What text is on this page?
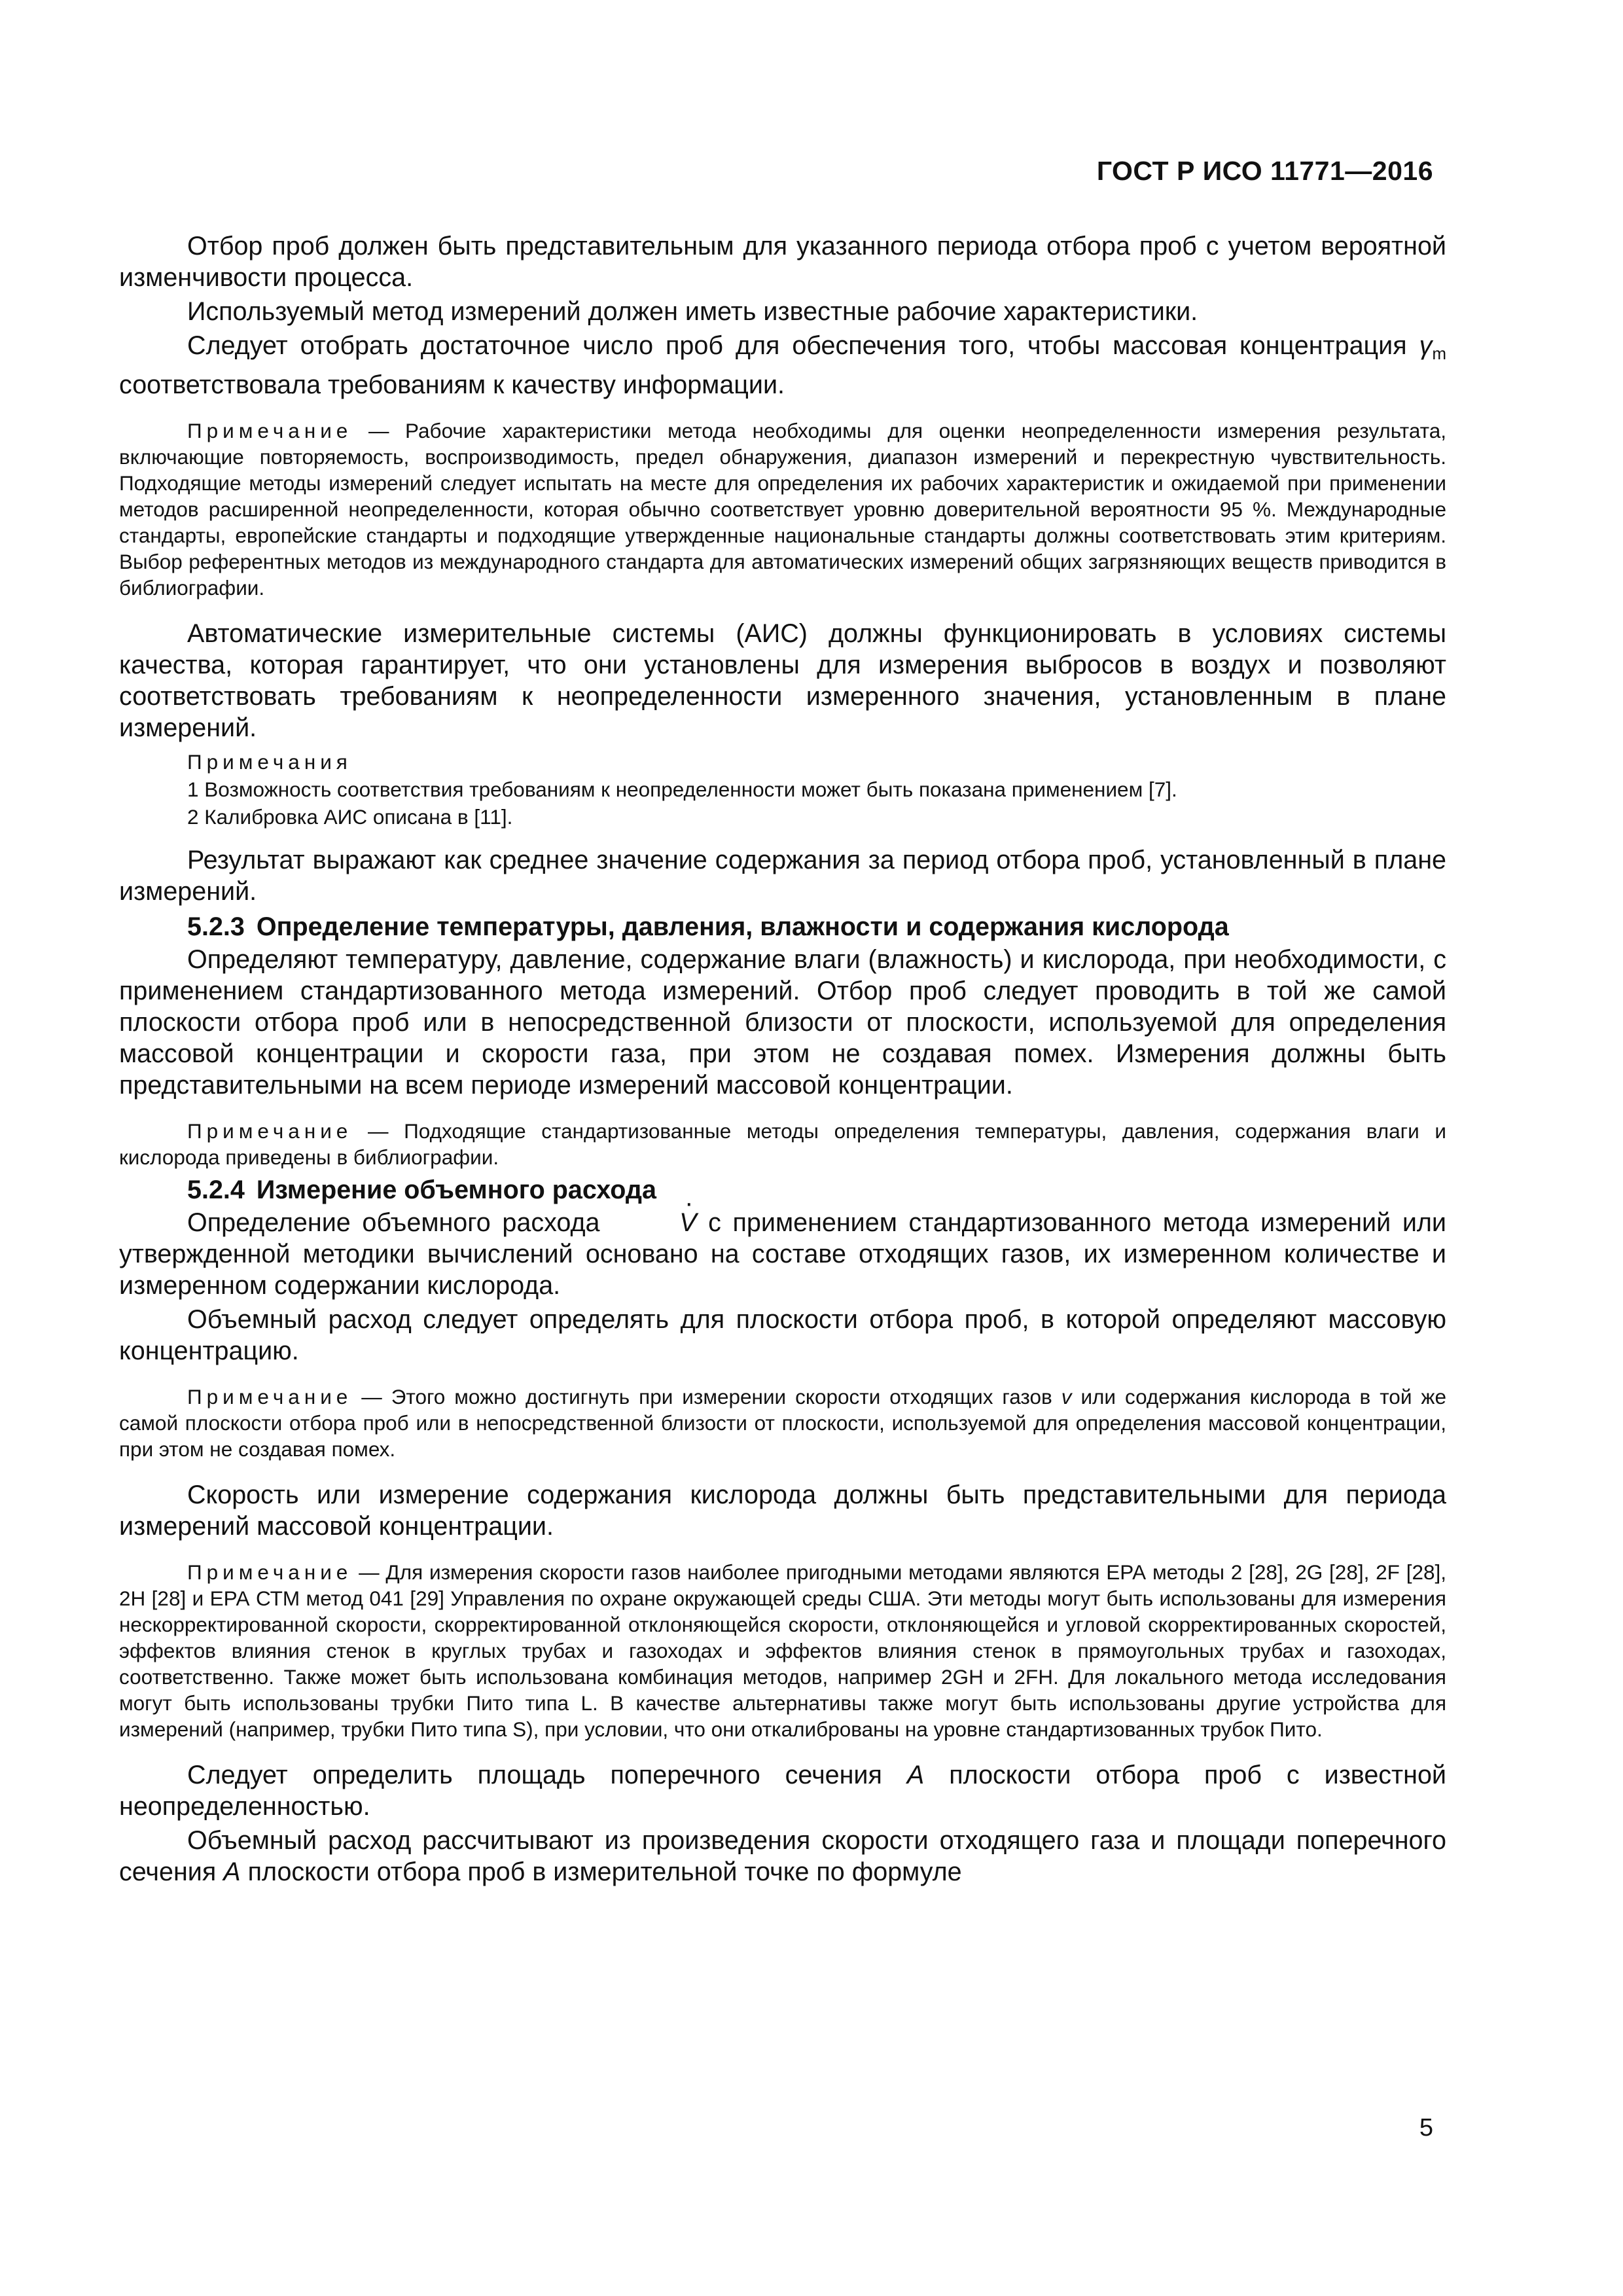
ГОСТ Р ИСО 11771—2016

Отбор проб должен быть представительным для указанного периода отбора проб с учетом вероятной изменчивости процесса.

Используемый метод измерений должен иметь известные рабочие характеристики.

Следует отобрать достаточное число проб для обеспечения того, чтобы массовая концентрация $\gamma_m$ соответствовала требованиям к качеству информации.

Примечание — Рабочие характеристики метода необходимы для оценки неопределенности измерения результата, включающие повторяемость, воспроизводимость, предел обнаружения, диапазон измерений и перекрестную чувствительность. Подходящие методы измерений следует испытать на месте для определения их рабочих характеристик и ожидаемой при применении методов расширенной неопределенности, которая обычно соответствует уровню доверительной вероятности 95 %. Международные стандарты, европейские стандарты и подходящие утвержденные национальные стандарты должны соответствовать этим критериям. Выбор референтных методов из международного стандарта для автоматических измерений общих загрязняющих веществ приводится в библиографии.

Автоматические измерительные системы (АИС) должны функционировать в условиях системы качества, которая гарантирует, что они установлены для измерения выбросов в воздух и позволяют соответствовать требованиям к неопределенности измеренного значения, установленным в плане измерений.

Примечания
1 Возможность соответствия требованиям к неопределенности может быть показана применением [7].
2 Калибровка АИС описана в [11].

Результат выражают как среднее значение содержания за период отбора проб, установленный в плане измерений.

5.2.3 Определение температуры, давления, влажности и содержания кислорода

Определяют температуру, давление, содержание влаги (влажность) и кислорода, при необходимости, с применением стандартизованного метода измерений. Отбор проб следует проводить в той же самой плоскости отбора проб или в непосредственной близости от плоскости, используемой для определения массовой концентрации и скорости газа, при этом не создавая помех. Измерения должны быть представительными на всем периоде измерений массовой концентрации.

Примечание — Подходящие стандартизованные методы определения температуры, давления, содержания влаги и кислорода приведены в библиографии.

5.2.4 Измерение объемного расхода

Определение объемного расхода ·	V с применением стандартизованного метода измерений или утвержденной методики вычислений основано на составе отходящих газов, их измеренном количестве и измеренном содержании кислорода.

Объемный расход следует определять для плоскости отбора проб, в которой определяют массовую концентрацию.

Примечание — Этого можно достигнуть при измерении скорости отходящих газов v или содержания кислорода в той же самой плоскости отбора проб или в непосредственной близости от плоскости, используемой для определения массовой концентрации, при этом не создавая помех.

Скорость или измерение содержания кислорода должны быть представительными для периода измерений массовой концентрации.

Примечание — Для измерения скорости газов наиболее пригодными методами являются ЕРА методы 2 [28], 2G [28], 2F [28], 2H [28] и ЕРА СТМ метод 041 [29] Управления по охране окружающей среды США. Эти методы могут быть использованы для измерения нескорректированной скорости, скорректированной отклоняющейся скорости, отклоняющейся и угловой скорректированных скоростей, эффектов влияния стенок в круглых трубах и газоходах и эффектов влияния стенок в прямоугольных трубах и газоходах, соответственно. Также может быть использована комбинация методов, например 2GH и 2FH. Для локального метода исследования могут быть использованы трубки Пито типа L. В качестве альтернативы также могут быть использованы другие устройства для измерений (например, трубки Пито типа S), при условии, что они откалиброваны на уровне стандартизованных трубок Пито.

Следует определить площадь поперечного сечения A плоскости отбора проб с известной неопределенностью.

Объемный расход рассчитывают из произведения скорости отходящего газа и площади поперечного сечения A плоскости отбора проб в измерительной точке по формуле

5
